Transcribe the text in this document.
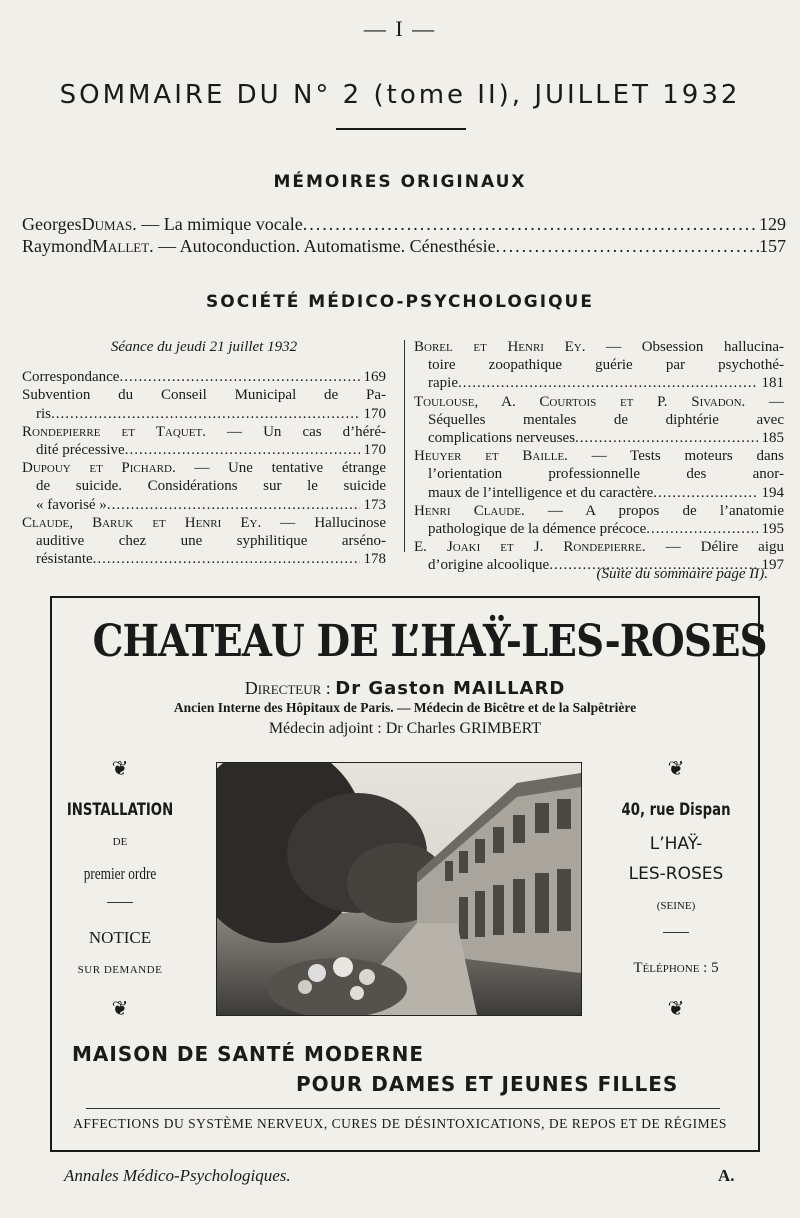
— I —
SOMMAIRE DU N° 2 (tome II), JUILLET 1932
MÉMOIRES ORIGINAUX
Georges Dumas . — La mimique vocale .....	129
Raymond Mallet . — Autoconduction. Automatisme. Cénesthésie .....	157
SOCIÉTÉ MÉDICO-PSYCHOLOGIQUE
Séance du jeudi 21 juillet 1932
Correspondance .....	169
Subvention du Conseil Municipal de Pa-
ris .....	170
Rondepierre et Taquet. — Un cas d’héré-
dité précessive .....	170
Dupouy et Pichard. — Une tentative étrange
de suicide. Considérations sur le suicide
« favorisé » .....	173
Claude, Baruk et Henri Ey. — Hallucinose
auditive chez une syphilitique arséno-
résistante .....	178
Borel et Henri Ey. — Obsession hallucina-
toire zoopathique guérie par psychothé-
rapie .....	181
Toulouse, A. Courtois et P. Sivadon. —
Séquelles mentales de diphtérie avec
complications nerveuses .....	185
Heuyer et Baille. — Tests moteurs dans
l’orientation professionnelle des anor-
maux de l’intelligence et du caractère .....	194
Henri Claude. — A propos de l’anatomie
pathologique de la démence précoce .....	195
E. Joaki et J. Rondepierre. — Délire aigu
d’origine alcoolique .....	197
(Suite du sommaire page II).
CHATEAU DE L’HAŸ-LES-ROSES
Directeur : Dr Gaston MAILLARD
Ancien Interne des Hôpitaux de Paris. — Médecin de Bicêtre et de la Salpêtrière
Médecin adjoint : Dr Charles GRIMBERT
❦
INSTALLATION
DE
premier ordre
NOTICE
SUR DEMANDE
❦
❦
40, rue Dispan
L’HAŸ-
LES-ROSES
(SEINE)
Téléphone : 5
❦
MAISON DE SANTÉ MODERNE
POUR DAMES ET JEUNES FILLES
AFFECTIONS DU SYSTÈME NERVEUX, CURES DE DÉSINTOXICATIONS, DE REPOS ET DE RÉGIMES
Annales Médico-Psychologiques.	A.
